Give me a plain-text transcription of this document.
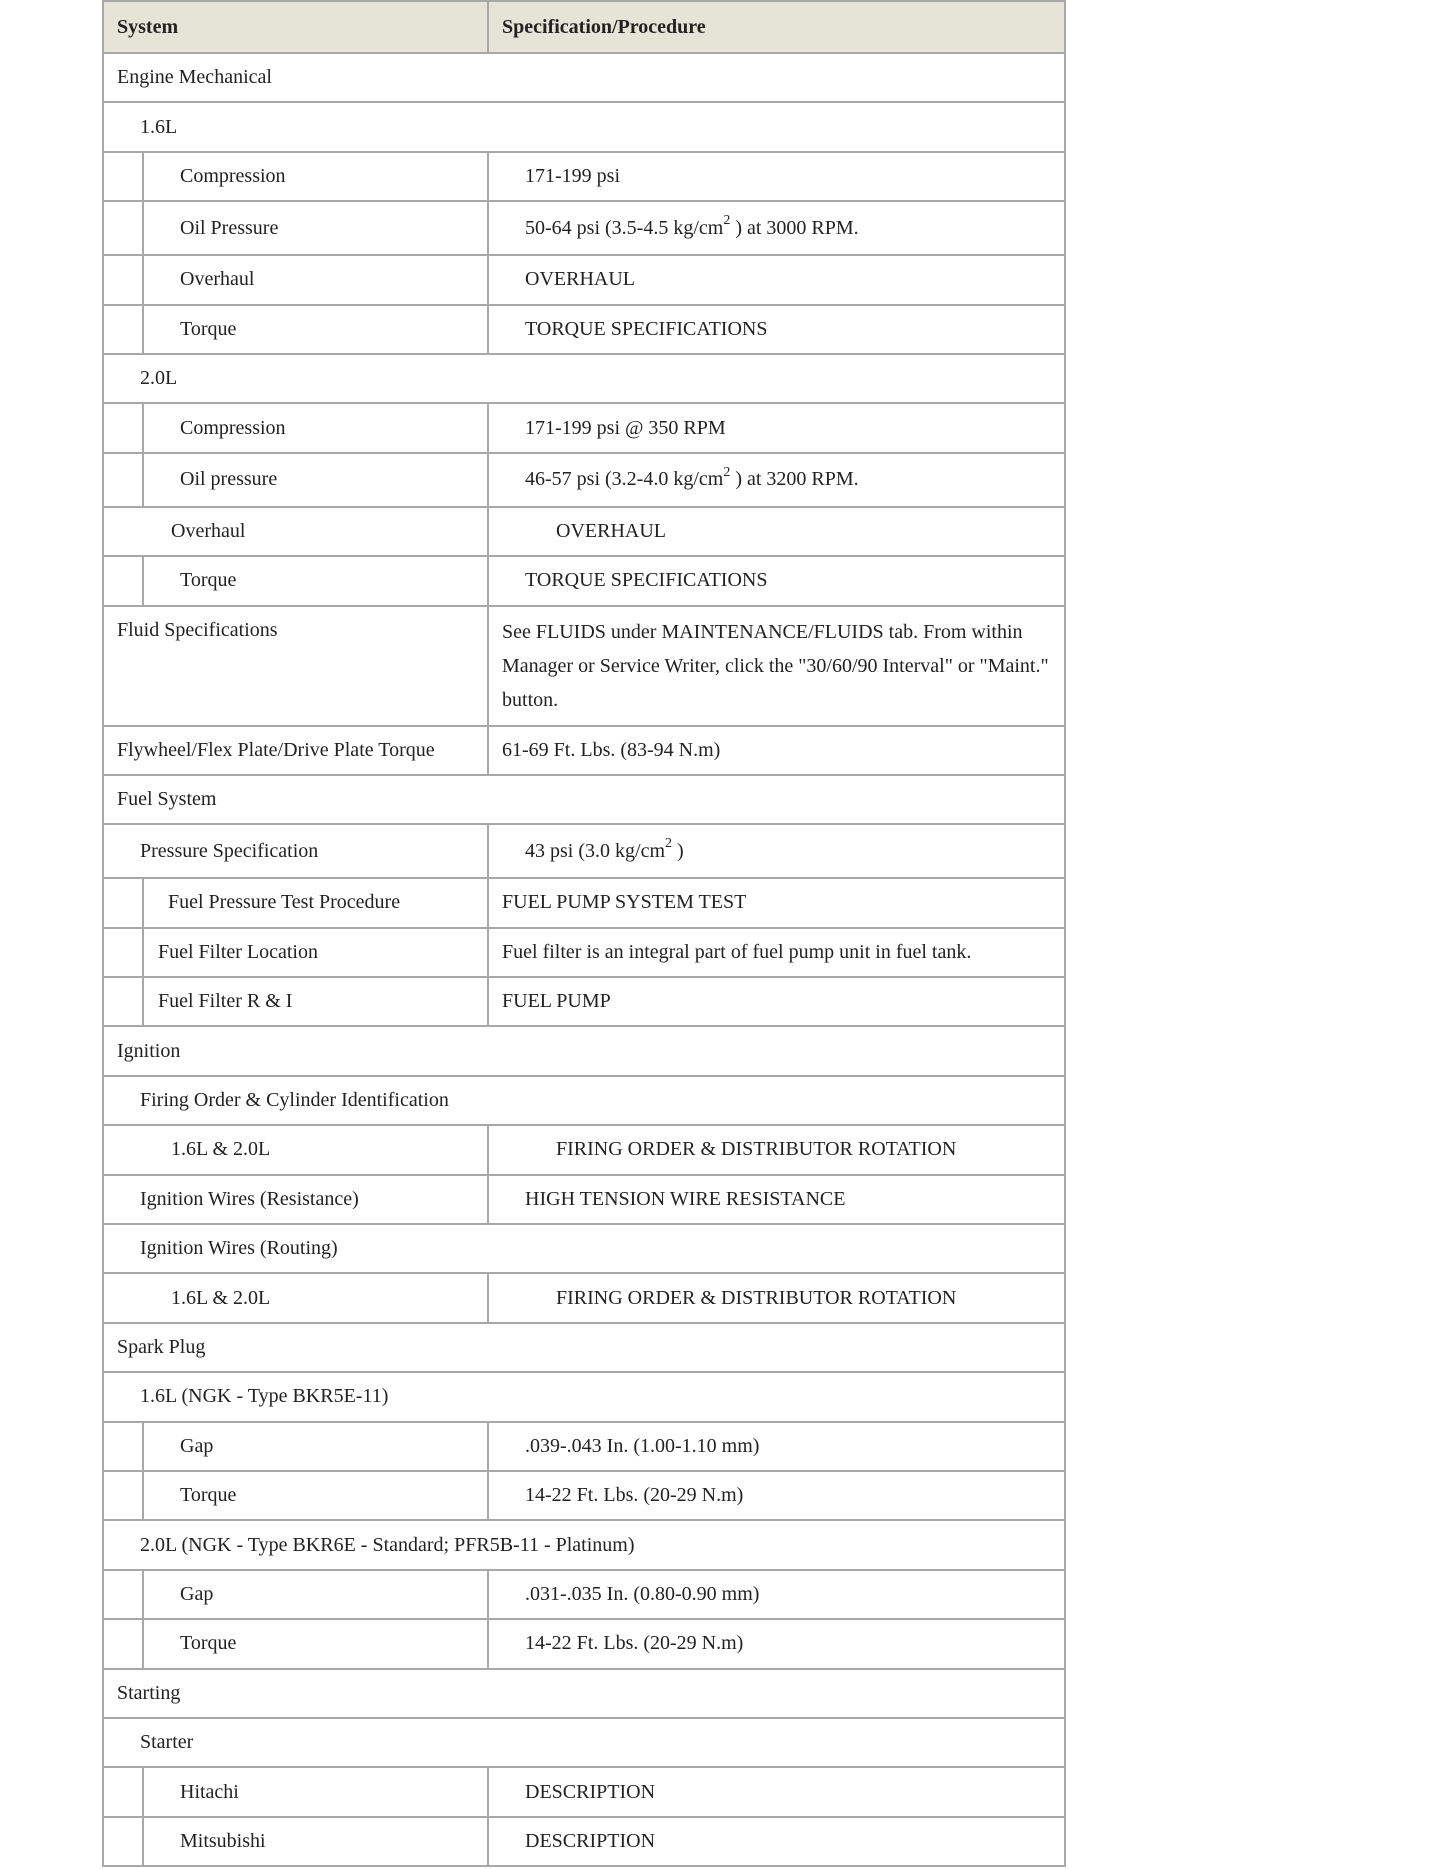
System		Specification/Procedure
Engine Mechanical		
1.6L		
	Compression	171-199 psi
	Oil Pressure	50-64 psi (3.5-4.5 $kg/cm^2$ ) at 3000 RPM.
	Overhaul	OVERHAUL
	Torque	TORQUE SPECIFICATIONS
2.0L		
	Compression	171-199 psi @ 350 RPM
	Oil pressure	46-57 psi (3.2-4.0 $kg/cm^2$ ) at 3200 RPM.
Overhaul		OVERHAUL
	Torque	TORQUE SPECIFICATIONS
Fluid Specifications		See FLUIDS under MAINTENANCE/FLUIDS tab. From within Manager or Service Writer, click the "30/60/90 Interval" or "Maint." button.
Flywheel/Flex Plate/Drive Plate Torque		61-69 Ft. Lbs. (83-94 N.m)
Fuel System		
Pressure Specification		43 psi (3.0 $kg/cm^2$ )
	Fuel Pressure Test Procedure	FUEL PUMP SYSTEM TEST
	Fuel Filter Location	Fuel filter is an integral part of fuel pump unit in fuel tank.
	Fuel Filter R & I	FUEL PUMP
Ignition		
Firing Order & Cylinder Identification		
1.6L & 2.0L		FIRING ORDER & DISTRIBUTOR ROTATION
Ignition Wires (Resistance)		HIGH TENSION WIRE RESISTANCE
Ignition Wires (Routing)		
1.6L & 2.0L		FIRING ORDER & DISTRIBUTOR ROTATION
Spark Plug		
1.6L (NGK - Type BKR5E-11)		
	Gap	.039-.043 In. (1.00-1.10 mm)
	Torque	14-22 Ft. Lbs. (20-29 N.m)
2.0L (NGK - Type BKR6E - Standard; PFR5B-11 - Platinum)		
	Gap	.031-.035 In. (0.80-0.90 mm)
	Torque	14-22 Ft. Lbs. (20-29 N.m)
Starting		
Starter		
	Hitachi	DESCRIPTION
	Mitsubishi	DESCRIPTION
